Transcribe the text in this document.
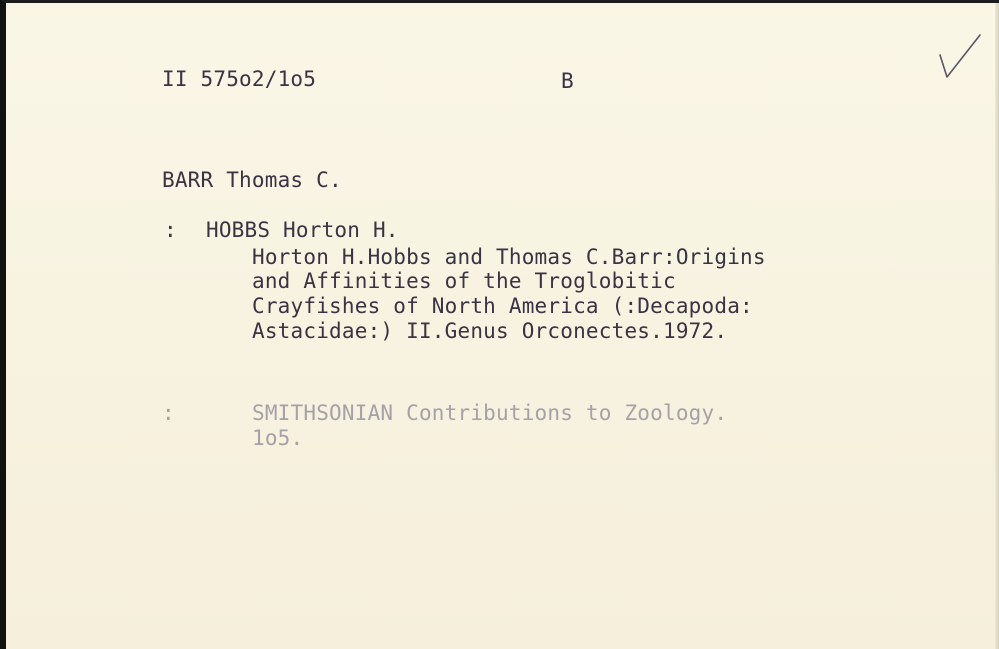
II 575o2/1o5	B
BARR Thomas C.
: HOBBS Horton H.
Horton H.Hobbs and Thomas C.Barr:Origins
and Affinities of the Troglobitic
Crayfishes of North America (:Decapoda:
Astacidae:) II.Genus Orconectes.1972.
:	SMITHSONIAN Contributions to Zoology.
1o5.
